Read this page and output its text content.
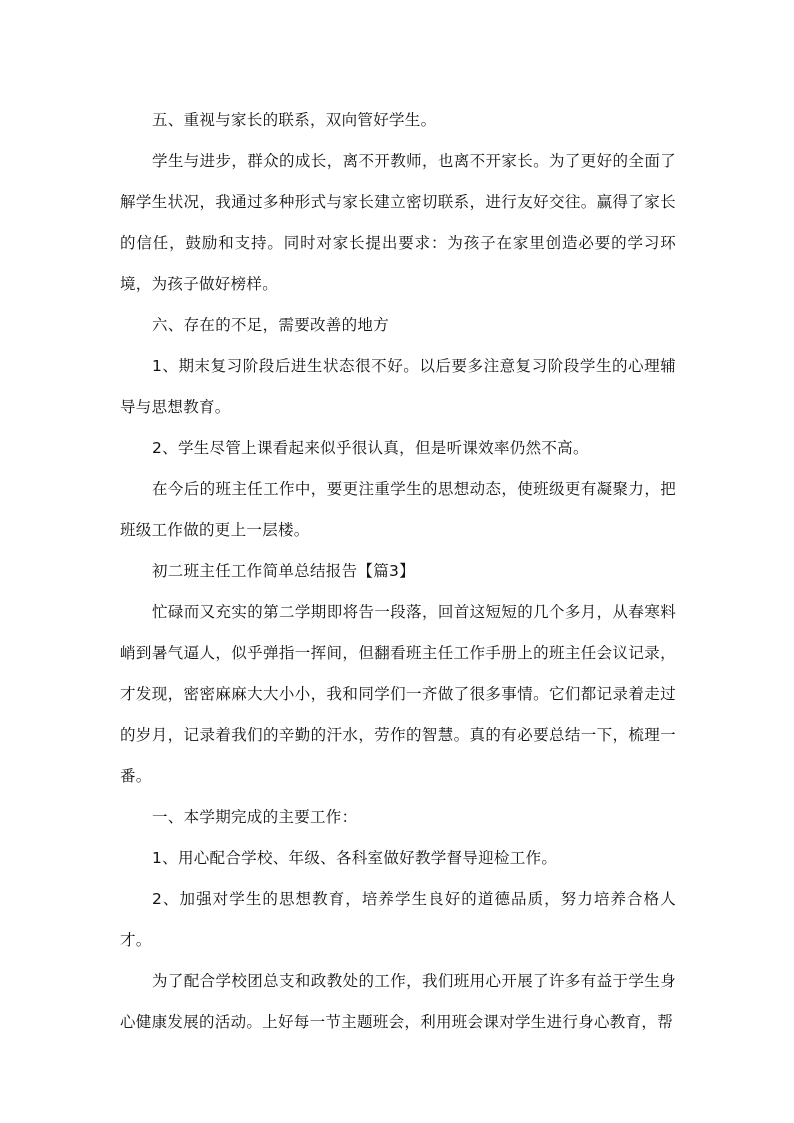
五、重视与家长的联系，双向管好学生。

学生与进步，群众的成长，离不开教师，也离不开家长。为了更好的全面了解学生状况，我通过多种形式与家长建立密切联系，进行友好交往。赢得了家长的信任，鼓励和支持。同时对家长提出要求：为孩子在家里创造必要的学习环境，为孩子做好榜样。

六、存在的不足，需要改善的地方

1、期末复习阶段后进生状态很不好。以后要多注意复习阶段学生的心理辅导与思想教育。

2、学生尽管上课看起来似乎很认真，但是听课效率仍然不高。

在今后的班主任工作中，要更注重学生的思想动态，使班级更有凝聚力，把班级工作做的更上一层楼。

初二班主任工作简单总结报告【篇3】

忙碌而又充实的第二学期即将告一段落，回首这短短的几个多月，从春寒料峭到暑气逼人，似乎弹指一挥间，但翻看班主任工作手册上的班主任会议记录，才发现，密密麻麻大大小小，我和同学们一齐做了很多事情。它们都记录着走过的岁月，记录着我们的辛勤的汗水，劳作的智慧。真的有必要总结一下，梳理一番。

一、本学期完成的主要工作：

1、用心配合学校、年级、各科室做好教学督导迎检工作。

2、加强对学生的思想教育，培养学生良好的道德品质，努力培养合格人才。

为了配合学校团总支和政教处的工作，我们班用心开展了许多有益于学生身心健康发展的活动。上好每一节主题班会，利用班会课对学生进行身心教育，帮
